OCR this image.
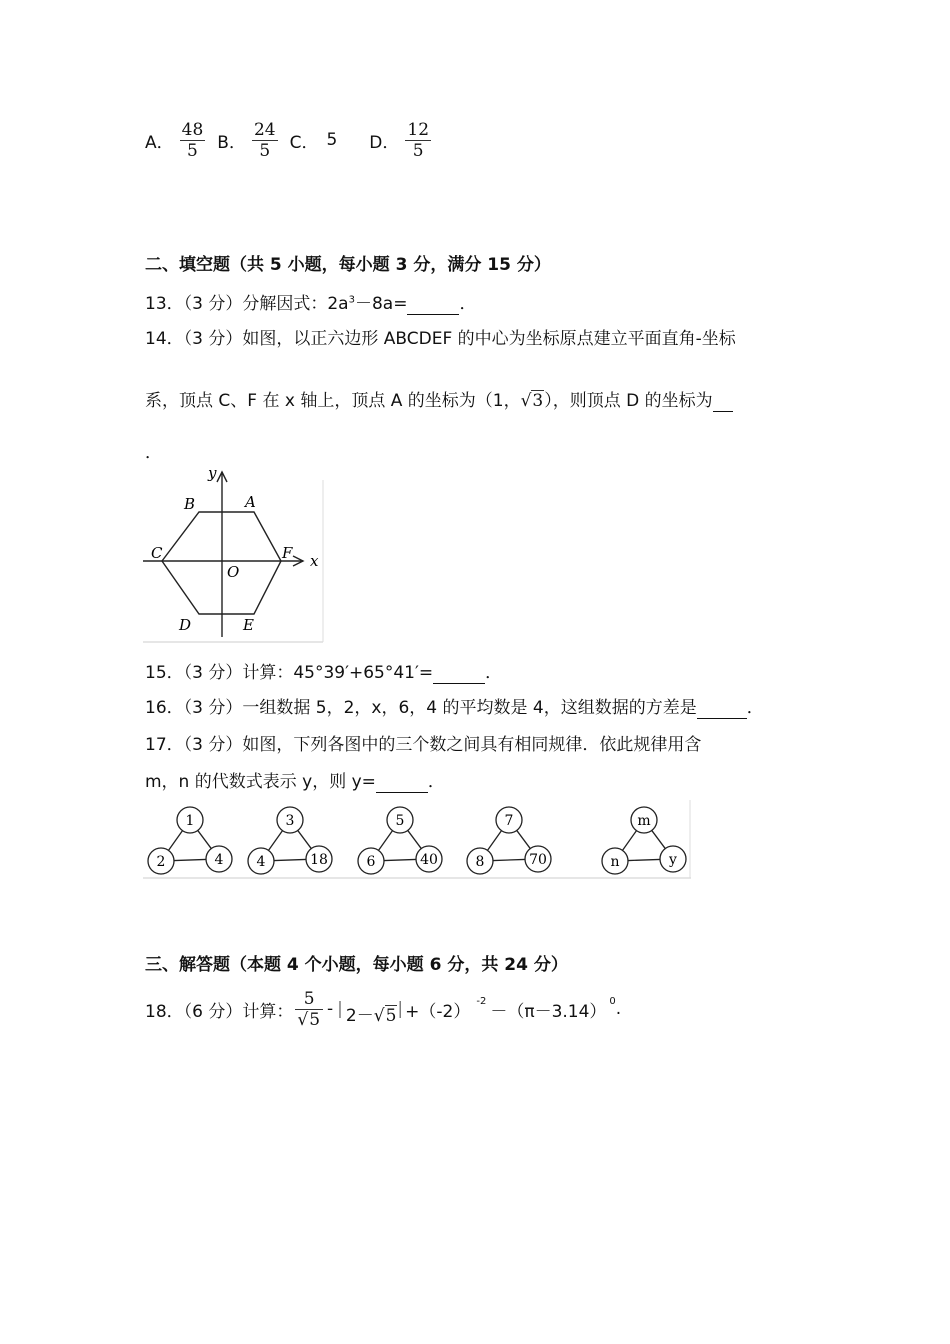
A． $\frac{48}{5}$ B． $\frac{24}{5}$ C． 5 D． $\frac{12}{5}$
二、填空题（共 5 小题，每小题 3 分，满分 15 分）
13．（3 分）分解因式：$2a^3-8a=$	．
14．（3 分）如图，以正六边形 ABCDEF 的中心为坐标原点建立平面直角-坐标
系，顶点 C、F 在 x 轴上，顶点 A 的坐标为（1，√3），则顶点 D 的坐标为
．
y
x
A
B
C	F
O
D	E
15．（3 分）计算：45°39′+65°41′=	．
16．（3 分）一组数据 5，2，x，6，4 的平均数是 4，这组数据的方差是	．
17．（3 分）如图，下列各图中的三个数之间具有相同规律．依此规律用含
m，n 的代数式表示 y，则 y=	．
1
2	4
3
4	18
5
6	40
7
8	70
m
n	y
三、解答题（本题 4 个小题，每小题 6 分，共 24 分）
18．（6 分）计算： $\frac{5}{√5}$ - | 2－√5 | +（-2） $^{-2}$ －（π－3.14） $^0$ .
